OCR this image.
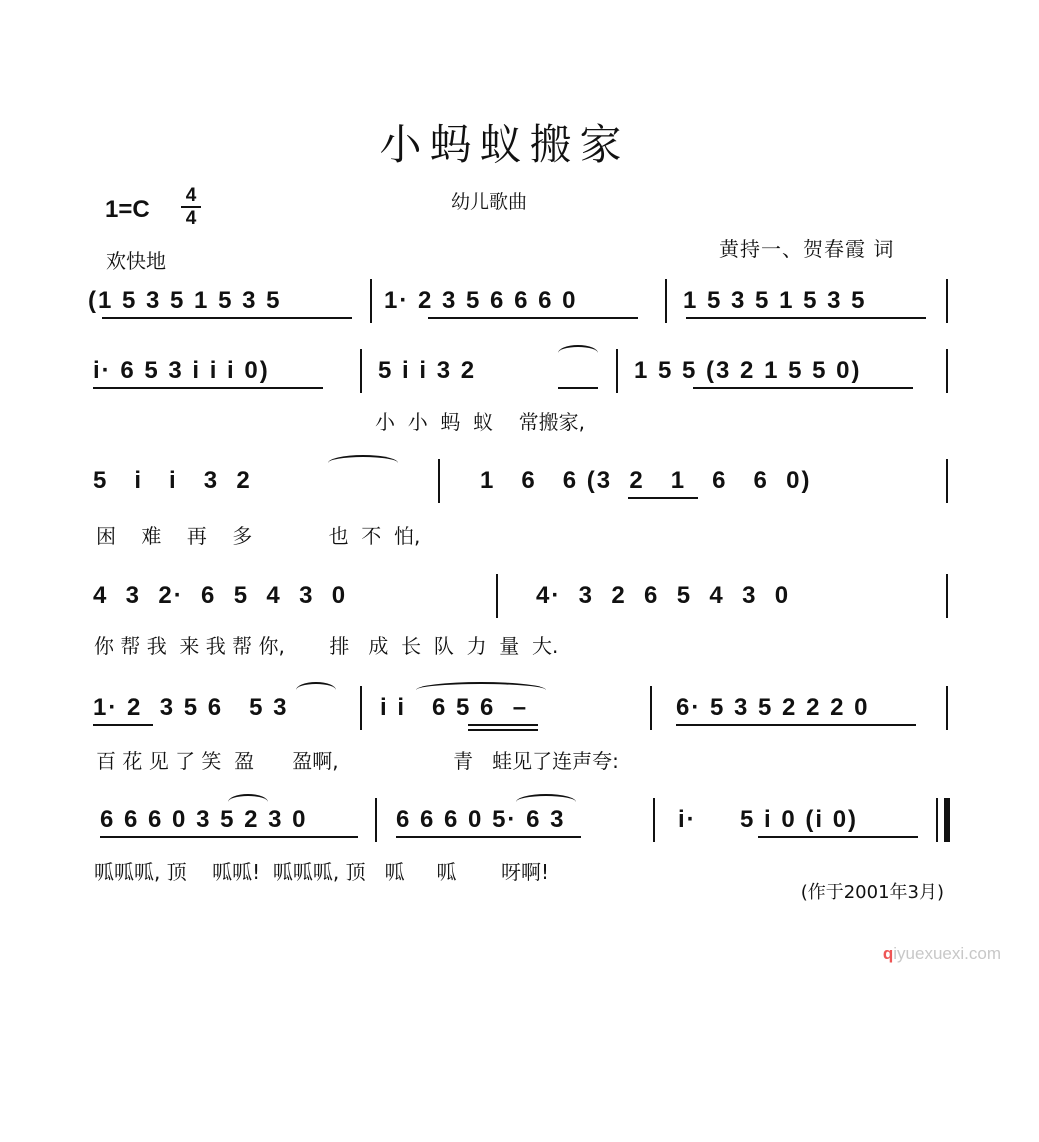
小蚂蚁搬家
幼儿歌曲
1=C
4
4
欢快地	黄持一、贺春霞 词

(1 5 3 5 1 5 3 5

	1· 2 3 5 6 6 6 0

	1 5 3 5 1 5 3 5

i· 6 5 3 i i i 0)

	5 i i 3 2

	1 5 5 (3 2 1 5 5 0)

小  小  蚂  蚁    常搬家,

5   i   i   3  2

	1   6   6 (3  2   1   6   6  0)

困    难    再    多            也  不  怕,

4  3  2·  6  5  4  3  0

	4·  3  2  6  5  4  3  0

你 帮 我  来 我 帮 你,       排   成  长  队  力  量  大.

1· 2  3 5 6   5 3

	i i   6 5 6  –

	6· 5 3 5 2 2 2 0

百 花 见 了 笑  盈      盈啊,                  青   蛙见了连声夸:

6 6 6 0 3 5 2 3 0

	6 6 6 0 5· 6 3

	i·     5 i 0 (i 0)

呱呱呱, 顶    呱呱!  呱呱呱, 顶   呱     呱       呀啊!
(作于2001年3月)
qiyuexuexi.com
